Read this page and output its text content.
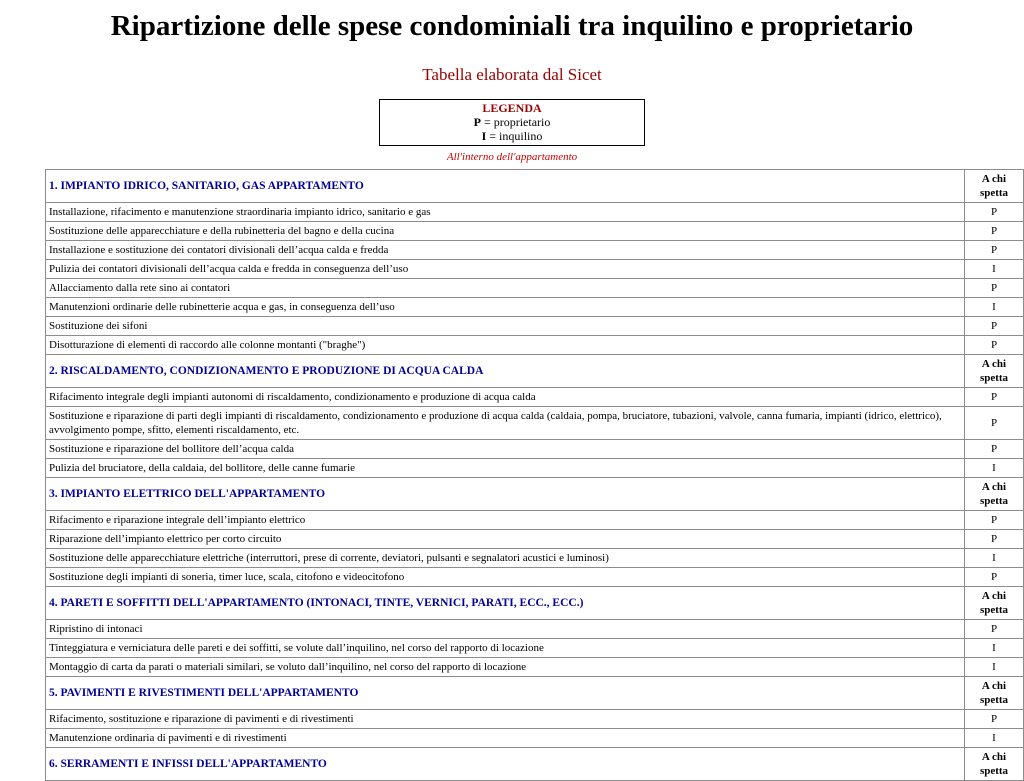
Ripartizione delle spese condominiali tra inquilino e proprietario
Tabella elaborata dal Sicet
LEGENDA
P = proprietario
I = inquilino
All'interno dell'appartamento
1. IMPIANTO IDRICO, SANITARIO, GAS APPARTAMENTO	A chi
spetta
Installazione, rifacimento e manutenzione straordinaria impianto idrico, sanitario e gas	P
Sostituzione delle apparecchiature e della rubinetteria del bagno e della cucina	P
Installazione e sostituzione dei contatori divisionali dell’acqua calda e fredda	P
Pulizia dei contatori divisionali dell’acqua calda e fredda in conseguenza dell’uso	I
Allacciamento dalla rete sino ai contatori	P
Manutenzioni ordinarie delle rubinetterie acqua e gas, in conseguenza dell’uso	I
Sostituzione dei sifoni	P
Disotturazione di elementi di raccordo alle colonne montanti ("braghe")	P
2. RISCALDAMENTO, CONDIZIONAMENTO E PRODUZIONE DI ACQUA CALDA	A chi
spetta
Rifacimento integrale degli impianti autonomi di riscaldamento, condizionamento e produzione di acqua calda	P
Sostituzione e riparazione di parti degli impianti di riscaldamento, condizionamento e produzione di acqua calda (caldaia, pompa, bruciatore, tubazioni, valvole, canna fumaria, impianti (idrico, elettrico), avvolgimento pompe, sfitto, elementi riscaldamento, etc.	P
Sostituzione e riparazione del bollitore dell’acqua calda	P
Pulizia del bruciatore, della caldaia, del bollitore, delle canne fumarie	I
3. IMPIANTO ELETTRICO DELL'APPARTAMENTO	A chi
spetta
Rifacimento e riparazione integrale dell’impianto elettrico	P
Riparazione dell’impianto elettrico per corto circuito	P
Sostituzione delle apparecchiature elettriche (interruttori, prese di corrente, deviatori, pulsanti e segnalatori acustici e luminosi)	I
Sostituzione degli impianti di soneria, timer luce, scala, citofono e videocitofono	P
4. PARETI E SOFFITTI DELL'APPARTAMENTO (INTONACI, TINTE, VERNICI, PARATI, ECC., ECC.)	A chi
spetta
Ripristino di intonaci	P
Tinteggiatura e verniciatura delle pareti e dei soffitti, se volute dall’inquilino, nel corso del rapporto di locazione	I
Montaggio di carta da parati o materiali similari, se voluto dall’inquilino, nel corso del rapporto di locazione	I
5. PAVIMENTI E RIVESTIMENTI DELL'APPARTAMENTO	A chi
spetta
Rifacimento, sostituzione e riparazione di pavimenti e di rivestimenti	P
Manutenzione ordinaria di pavimenti e di rivestimenti	I
6. SERRAMENTI E INFISSI DELL'APPARTAMENTO	A chi
spetta
